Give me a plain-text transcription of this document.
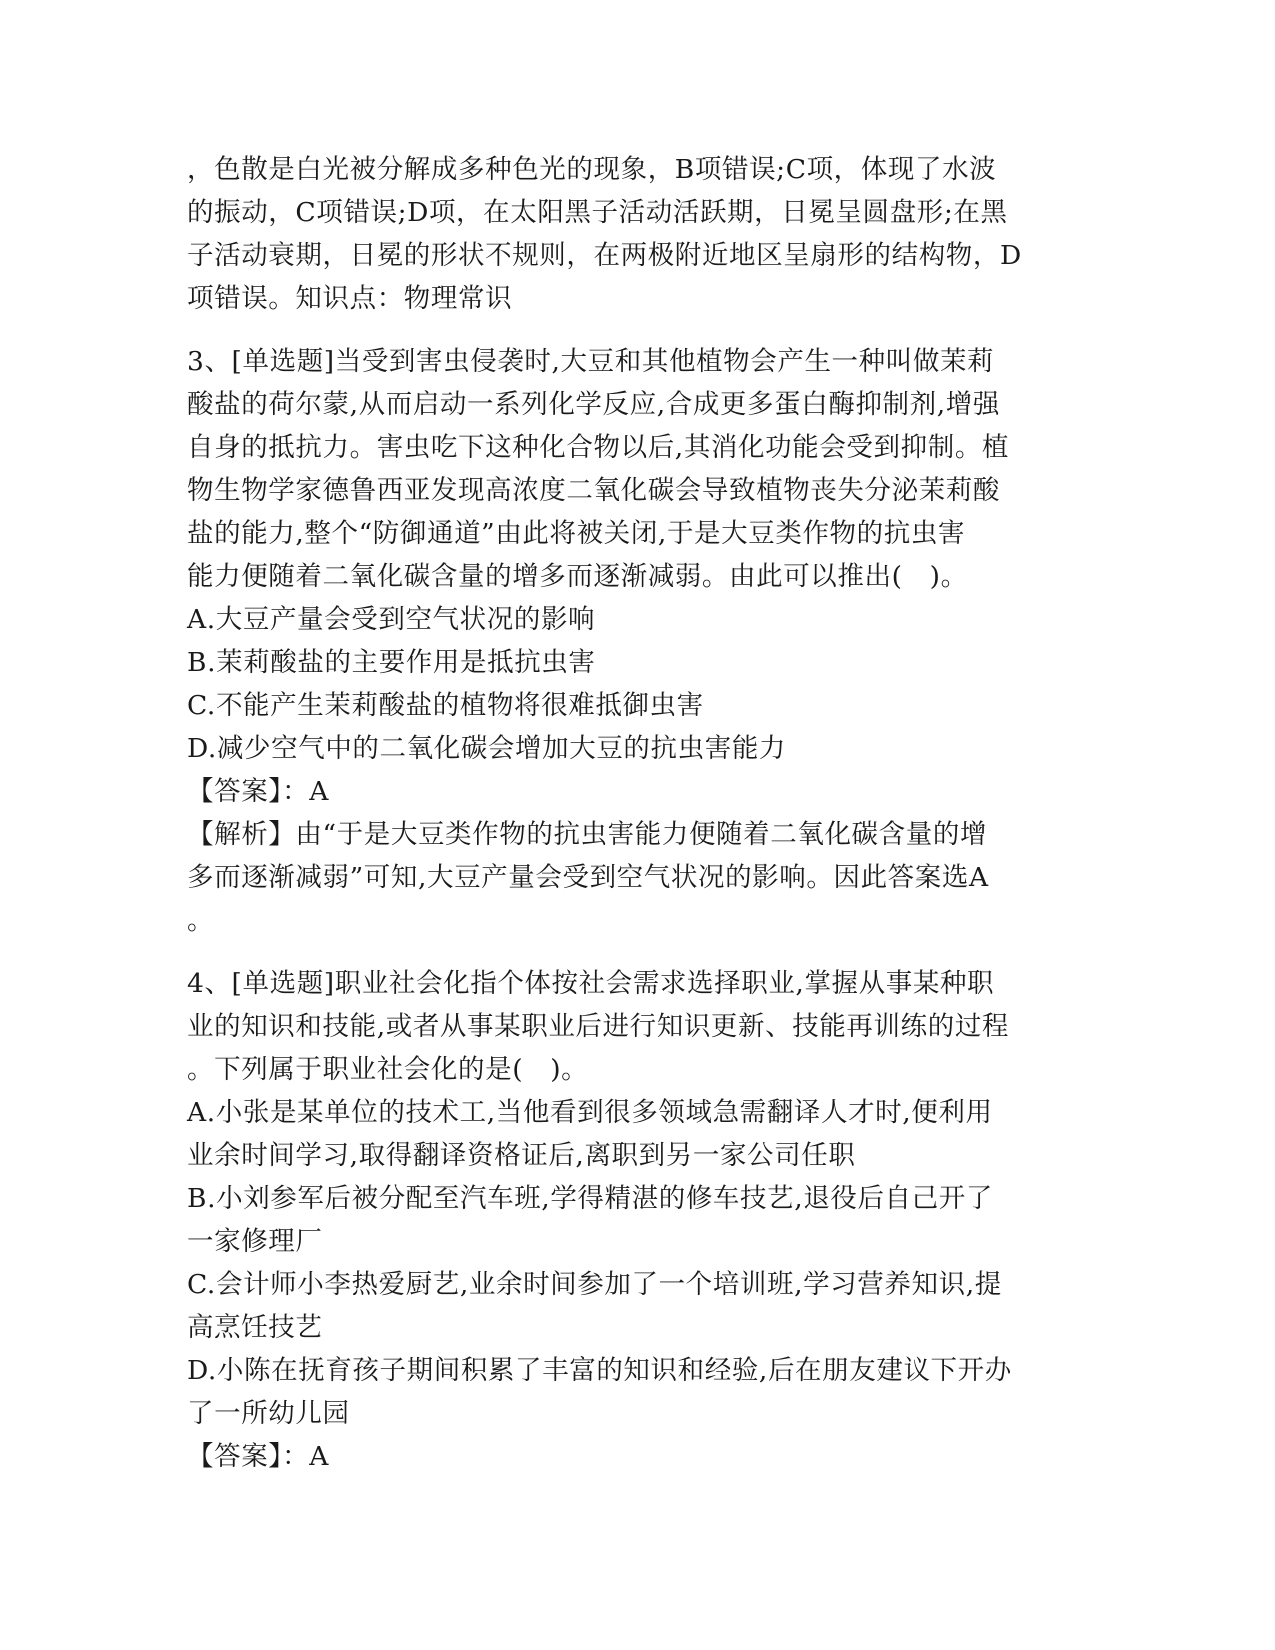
，色散是白光被分解成多种色光的现象，B项错误;C项，体现了水波
的振动，C项错误;D项，在太阳黑子活动活跃期，日冕呈圆盘形;在黑
子活动衰期，日冕的形状不规则，在两极附近地区呈扇形的结构物，D
项错误。知识点：物理常识
3、[单选题]当受到害虫侵袭时,大豆和其他植物会产生一种叫做茉莉
酸盐的荷尔蒙,从而启动一系列化学反应,合成更多蛋白酶抑制剂,增强
自身的抵抗力。害虫吃下这种化合物以后,其消化功能会受到抑制。植
物生物学家德鲁西亚发现高浓度二氧化碳会导致植物丧失分泌茉莉酸
盐的能力,整个“防御通道”由此将被关闭,于是大豆类作物的抗虫害
能力便随着二氧化碳含量的增多而逐渐减弱。由此可以推出(　)。
A.大豆产量会受到空气状况的影响
B.茉莉酸盐的主要作用是抵抗虫害
C.不能产生茉莉酸盐的植物将很难抵御虫害
D.减少空气中的二氧化碳会增加大豆的抗虫害能力
【答案】：A
【解析】由“于是大豆类作物的抗虫害能力便随着二氧化碳含量的增
多而逐渐减弱”可知,大豆产量会受到空气状况的影响。因此答案选A
。
4、[单选题]职业社会化指个体按社会需求选择职业,掌握从事某种职
业的知识和技能,或者从事某职业后进行知识更新、技能再训练的过程
。下列属于职业社会化的是(　)。
A.小张是某单位的技术工,当他看到很多领域急需翻译人才时,便利用
业余时间学习,取得翻译资格证后,离职到另一家公司任职
B.小刘参军后被分配至汽车班,学得精湛的修车技艺,退役后自己开了
一家修理厂
C.会计师小李热爱厨艺,业余时间参加了一个培训班,学习营养知识,提
高烹饪技艺
D.小陈在抚育孩子期间积累了丰富的知识和经验,后在朋友建议下开办
了一所幼儿园
【答案】：A
